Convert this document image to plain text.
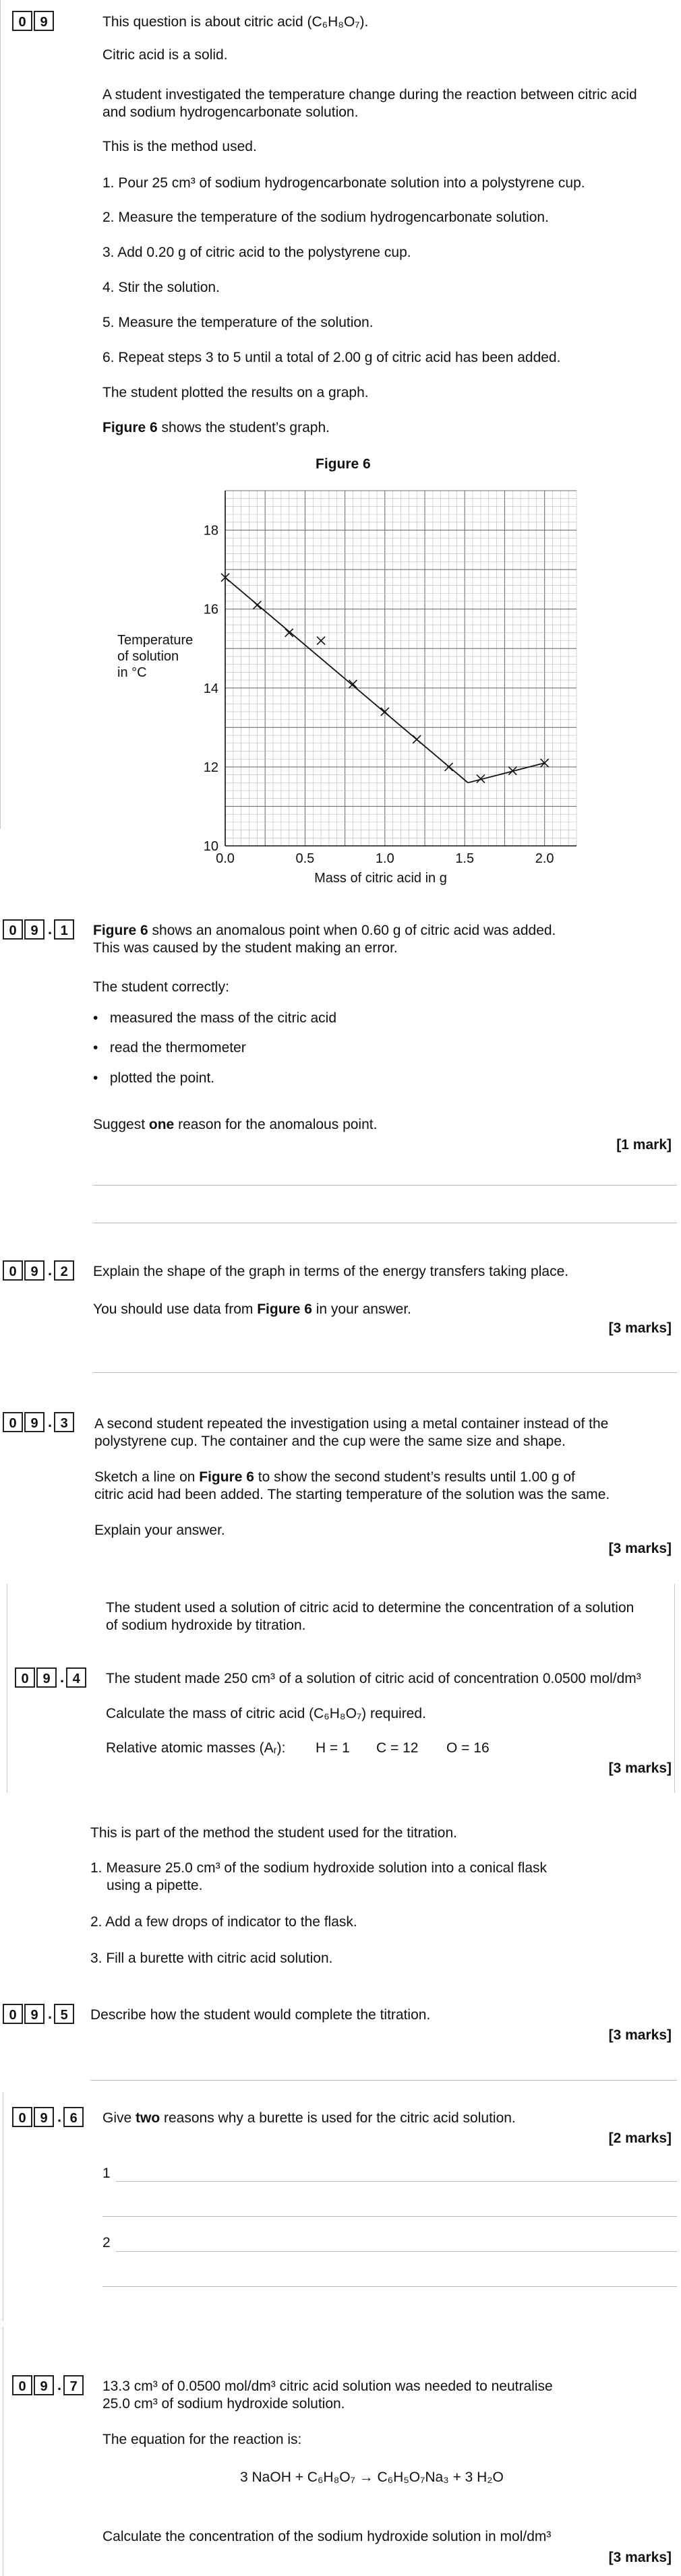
0	9	This question is about citric acid (C₆H₈O₇).
Citric acid is a solid.
A student investigated the temperature change during the reaction between citric acid
and sodium hydrogencarbonate solution.
This is the method used.
1. Pour 25 cm³ of sodium hydrogencarbonate solution into a polystyrene cup.
2. Measure the temperature of the sodium hydrogencarbonate solution.
3. Add 0.20 g of citric acid to the polystyrene cup.
4. Stir the solution.
5. Measure the temperature of the solution.
6. Repeat steps 3 to 5 until a total of 2.00 g of citric acid has been added.
The student plotted the results on a graph.
Figure 6 shows the student’s graph.
Figure 6
0.0	0.5	1.0	1.5	2.0
10
12
14
16
18
Mass of citric acid in g
Temperature
of solution
in °C
0	9 . 1	Figure 6 shows an anomalous point when 0.60 g of citric acid was added.
This was caused by the student making an error.
The student correctly:
•   measured the mass of the citric acid
•   read the thermometer
•   plotted the point.
Suggest one reason for the anomalous point.
[1 mark]
0	9 . 2	Explain the shape of the graph in terms of the energy transfers taking place.
You should use data from Figure 6 in your answer.
[3 marks]
0	9 . 3	A second student repeated the investigation using a metal container instead of the
polystyrene cup. The container and the cup were the same size and shape.
Sketch a line on Figure 6 to show the second student’s results until 1.00 g of
citric acid had been added. The starting temperature of the solution was the same.
Explain your answer.
[3 marks]
The student used a solution of citric acid to determine the concentration of a solution
of sodium hydroxide by titration.
0	9 . 4	The student made 250 cm³ of a solution of citric acid of concentration 0.0500 mol/dm³
Calculate the mass of citric acid (C₆H₈O₇) required.
Relative atomic masses (Aᵣ): H = 1 C = 12 O = 16
[3 marks]
This is part of the method the student used for the titration.
1. Measure 25.0 cm³ of the sodium hydroxide solution into a conical flask
using a pipette.
2. Add a few drops of indicator to the flask.
3. Fill a burette with citric acid solution.
0	9 . 5	Describe how the student would complete the titration.
[3 marks]
0	9 . 6	Give two reasons why a burette is used for the citric acid solution.
[2 marks]
1
2
0	9 . 7	13.3 cm³ of 0.0500 mol/dm³ citric acid solution was needed to neutralise
25.0 cm³ of sodium hydroxide solution.
The equation for the reaction is:
3 NaOH + C₆H₈O₇ → C₆H₅O₇Na₃ + 3 H₂O
Calculate the concentration of the sodium hydroxide solution in mol/dm³
[3 marks]
